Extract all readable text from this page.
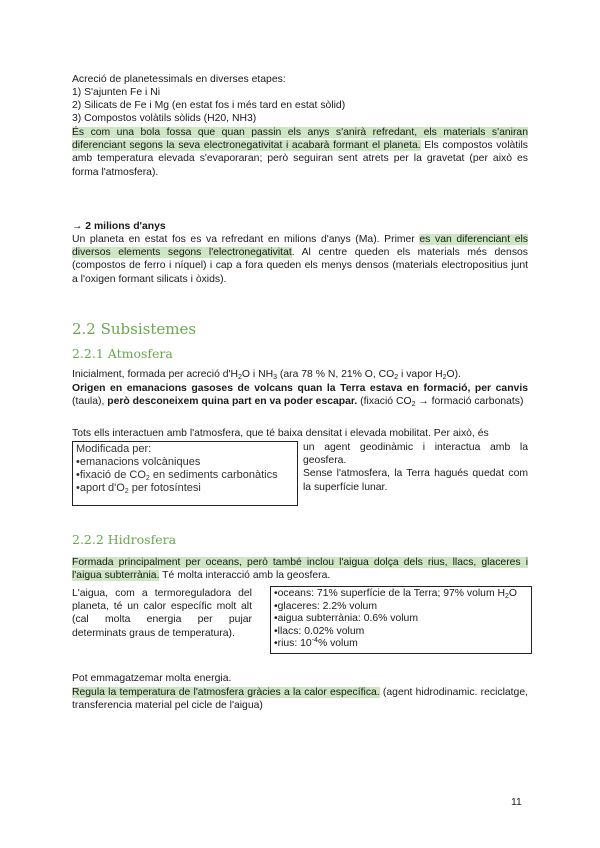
Acreció de planetessimals en diverses etapes:
1) S'ajunten Fe i Ni
2) Silicats de Fe i Mg (en estat fos i més tard en estat sòlid)
3) Compostos volàtils sòlids (H20, NH3)
És com una bola fossa que quan passin els anys s'anirà refredant, els materials s'aniran diferenciant segons la seva electronegativitat i acabarà formant el planeta. Els compostos volàtils amb temperatura elevada s'evaporaran; però seguiran sent atrets per la gravetat (per això es forma l'atmosfera).
→ 2 milions d'anys
Un planeta en estat fos es va refredant en milions d'anys (Ma). Primer es van diferenciant els diversos elements segons l'electronegativitat. Al centre queden els materials més densos (compostos de ferro i níquel) i cap a fora queden els menys densos (materials electropositius junt a l'oxigen formant silicats i òxids).
2.2 Subsistemes
2.2.1 Atmosfera
Inicialment, formada per acreció $d'H_2O$ i $NH_3$ (ara 78 % N, 21% O, $CO_2$ i vapor $H_2O$).
Origen en emanacions gasoses de volcans quan la Terra estava en formació, per canvis (taula), però desconeixem quina part en va poder escapar. (fixació $CO_2$ → formació carbonats)
Tots ells interactuen amb l'atmosfera, que té baixa densitat i elevada mobilitat. Per això, és
Modificada per:
•emanacions volcàniques
•fixació de $CO_2$ en sediments carbonàtics
•aport $d'O_2$ per fotosíntesi
un agent geodinàmic i interactua amb la geosfera.
Sense l'atmosfera, la Terra hagués quedat com la superfície lunar.
2.2.2 Hidrosfera
Formada principalment per oceans, però també inclou l'aigua dolça dels rius, llacs, glaceres i l'aigua subterrània. Té molta interacció amb la geosfera.
L'aigua, com a termoreguladora del planeta, té un calor específic molt alt (cal molta energia per pujar determinats graus de temperatura).
•oceans: 71% superfície de la Terra; 97% volum $H_2O$
•glaceres: 2.2% volum
•aigua subterrània: 0.6% volum
•llacs: 0.02% volum
•rius: $10^{-4}\%$ volum
Pot emmagatzemar molta energia.
Regula la temperatura de l'atmosfera gràcies a la calor específica. (agent hidrodinamic. reciclatge, transferencia material pel cicle de l'aigua)
11
